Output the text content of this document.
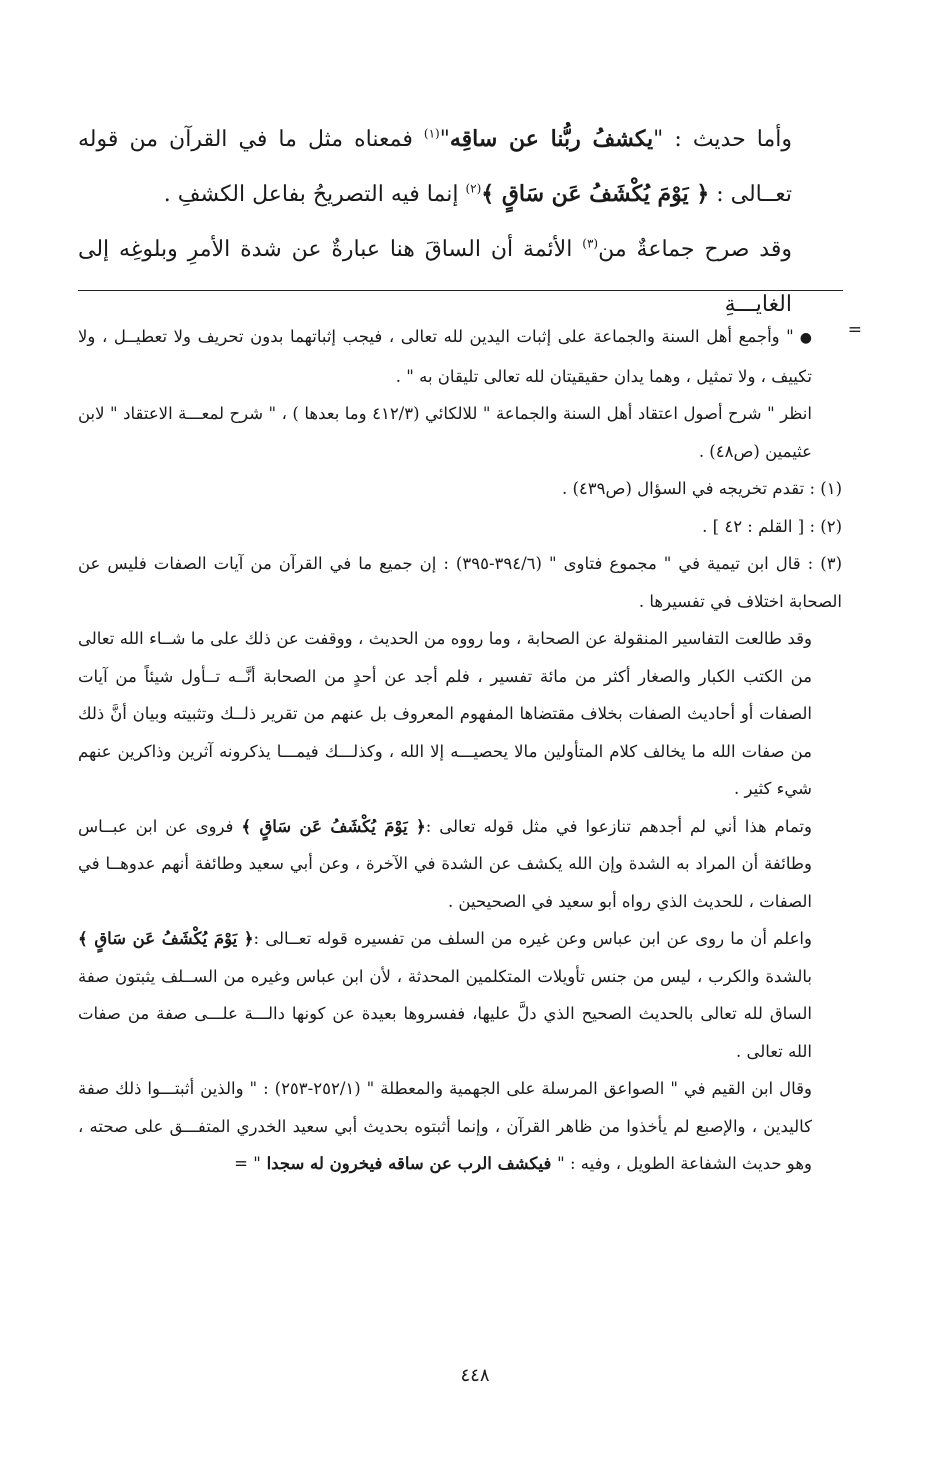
وأما حديث : "يكشفُ ربُّنا عن ساقِه"$^{(١)}$ فمعناه مثل ما في القرآن من قوله تعــالى : ﴿ يَوْمَ يُكْشَفُ عَن سَاقٍ ﴾$^{(٢)}$ إنما فيه التصريحُ بفاعل الكشفِ .

وقد صرح جماعةٌ من$^{(٣)}$ الأئمة أن الساقَ هنا عبارةٌ عن شدة الأمرِ وبلوغِه إلى الغايـــةِ

=

●" وأجمع أهل السنة والجماعة على إثبات اليدين لله تعالى ، فيجب إثباتهما بدون تحريف ولا تعطيــل ، ولا تكييف ، ولا تمثيل ، وهما يدان حقيقيتان لله تعالى تليقان به " .

انظر " شرح أصول اعتقاد أهل السنة والجماعة " للالكائي (٤١٢/٣ وما بعدها ) ، " شرح لمعـــة الاعتقاد " لابن عثيمين (ص٤٨) .

(١) : تقدم تخريجه في السؤال (ص٤٣٩) .

(٢) : [ القلم : ٤٢ ] .

(٣) : قال ابن تيمية في " مجموع فتاوى " (٣٩٤/٦-٣٩٥) : إن جميع ما في القرآن من آيات الصفات فليس عن الصحابة اختلاف في تفسيرها .

وقد طالعت التفاسير المنقولة عن الصحابة ، وما رووه من الحديث ، ووقفت عن ذلك على ما شــاء الله تعالى من الكتب الكبار والصغار أكثر من مائة تفسير ، فلم أجد عن أحدٍ من الصحابة أنَّــه تــأول شيئاً من آيات الصفات أو أحاديث الصفات بخلاف مقتضاها المفهوم المعروف بل عنهم من تقرير ذلــك وتثبيته وبيان أنَّ ذلك من صفات الله ما يخالف كلام المتأولين مالا يحصيـــه إلا الله ، وكذلـــك فيمـــا يذكرونه آثرين وذاكرين عنهم شيء كثير .

وتمام هذا أني لم أجدهم تنازعوا في مثل قوله تعالى :﴿ يَوْمَ يُكْشَفُ عَن سَاقٍ ﴾ فروى عن ابن عبــاس وطائفة أن المراد به الشدة وإن الله يكشف عن الشدة في الآخرة ، وعن أبي سعيد وطائفة أنهم عدوهــا في الصفات ، للحديث الذي رواه أبو سعيد في الصحيحين .

واعلم أن ما روى عن ابن عباس وعن غيره من السلف من تفسيره قوله تعــالى :﴿ يَوْمَ يُكْشَفُ عَن سَاقٍ ﴾ بالشدة والكرب ، ليس من جنس تأويلات المتكلمين المحدثة ، لأن ابن عباس وغيره من الســلف يثبتون صفة الساق لله تعالى بالحديث الصحيح الذي دلَّ عليها، ففسروها بعيدة عن كونها دالـــة علـــى صفة من صفات الله تعالى .

وقال ابن القيم في " الصواعق المرسلة على الجهمية والمعطلة " (٢٥٢/١-٢٥٣) : " والذين أثبتـــوا ذلك صفة كاليدين ، والإصبع لم يأخذوا من ظاهر القرآن ، وإنما أثبتوه بحديث أبي سعيد الخدري المتفـــق على صحته ، وهو حديث الشفاعة الطويل ، وفيه : " فيكشف الرب عن ساقه فيخرون له سجدا " =

٤٤٨
